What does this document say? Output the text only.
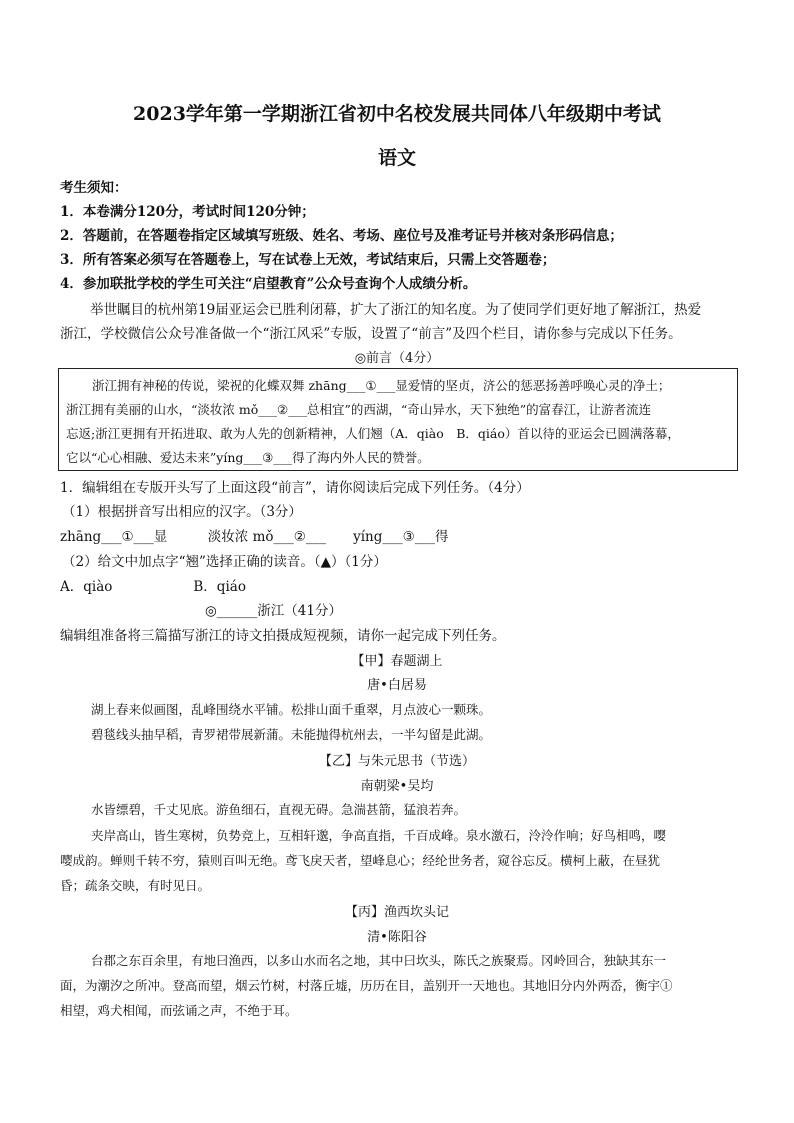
2023学年第一学期浙江省初中名校发展共同体八年级期中考试
语文
考生须知：
1．本卷满分120分，考试时间120分钟；
2．答题前，在答题卷指定区域填写班级、姓名、考场、座位号及准考证号并核对条形码信息；
3．所有答案必须写在答题卷上，写在试卷上无效，考试结束后，只需上交答题卷；
4．参加联批学校的学生可关注“启望教育”公众号查询个人成绩分析。
举世瞩目的杭州第19届亚运会已胜利闭幕，扩大了浙江的知名度。为了使同学们更好地了解浙江，热爱
浙江，学校微信公众号准备做一个“浙江风采”专版，设置了“前言”及四个栏目，请你参与完成以下任务。
◎前言（4分）
浙江拥有神秘的传说，梁祝的化蝶双舞 zhāng___①___显爱情的坚贞，济公的惩恶扬善呼唤心灵的净土；
浙江拥有美丽的山水，“淡妆浓 mǒ___②___总相宜”的西湖，“奇山异水，天下独绝”的富春江，让游者流连
忘返;浙江更拥有开拓进取、敢为人先的创新精神，人们翘（A．qiào　B．qiáo）首以待的亚运会已圆满落幕，
它以“心心相融、爱达未来”yíng___③___得了海内外人民的赞誉。
1．编辑组在专版开头写了上面这段“前言”，请你阅读后完成下列任务。（4分）
（1）根据拼音写出相应的汉字。（3分）
zhāng___①___显　　　淡妆浓 mǒ___②___　　yíng___③___得
（2）给文中加点字“翘”选择正确的读音。（▲）（1分）
A．qiào　　　　　　B．qiáo
◎______浙江（41分）
编辑组准备将三篇描写浙江的诗文拍摄成短视频，请你一起完成下列任务。
【甲】春题湖上
唐•白居易
湖上春来似画图，乱峰围绕水平铺。松排山面千重翠，月点波心一颗珠。
碧毯线头抽早稻，青罗裙带展新蒲。未能抛得杭州去，一半勾留是此湖。
【乙】与朱元思书（节选）
南朝梁•吴均
水皆缥碧，千丈见底。游鱼细石，直视无碍。急湍甚箭，猛浪若奔。
夹岸高山，皆生寒树，负势竞上，互相轩邈，争高直指，千百成峰。泉水激石，泠泠作响；好鸟相鸣，嘤
嘤成韵。蝉则千转不穷，猿则百叫无绝。鸢飞戾天者，望峰息心；经纶世务者，窥谷忘反。横柯上蔽，在昼犹
昏；疏条交映，有时见日。
【丙】渔西坎头记
清•陈阳谷
台郡之东百余里，有地曰渔西，以多山水而名之地，其中曰坎头，陈氏之族聚焉。冈岭回合，独缺其东一
面，为潮汐之所冲。登高而望，烟云竹树，村落丘墟，历历在目，盖别开一天地也。其地旧分内外两岙，衡宇①
相望，鸡犬相闻，而弦诵之声，不绝于耳。
